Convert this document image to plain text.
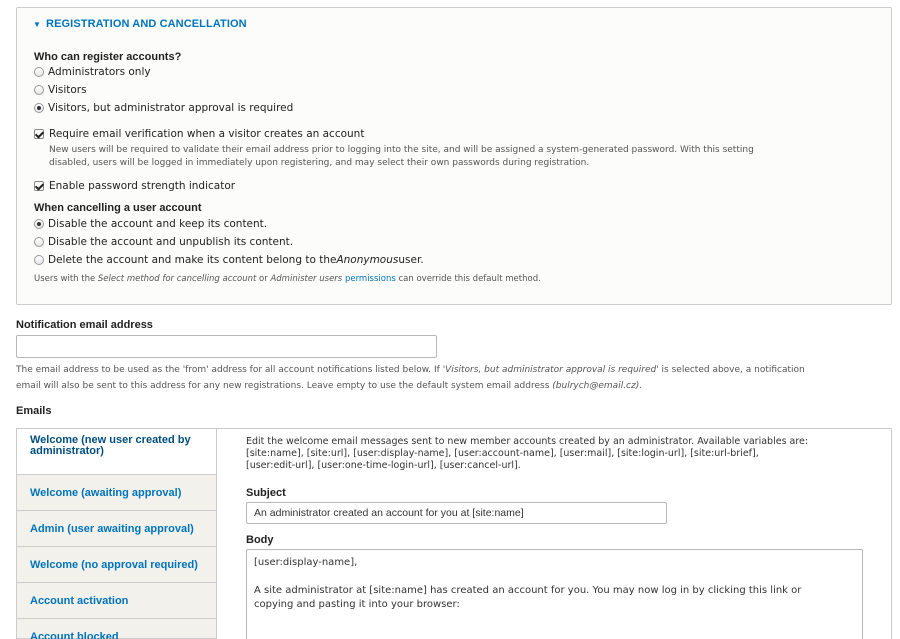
▼ REGISTRATION AND CANCELLATION
Who can register accounts?
Administrators only
Visitors
Visitors, but administrator approval is required
Require email verification when a visitor creates an account
New users will be required to validate their email address prior to logging into the site, and will be assigned a system-generated password. With this setting
disabled, users will be logged in immediately upon registering, and may select their own passwords during registration.
Enable password strength indicator
When cancelling a user account
Disable the account and keep its content.
Disable the account and unpublish its content.
Delete the account and make its content belong to the Anonymous user.
Users with the Select method for cancelling account or Administer users permissions can override this default method.
Notification email address
The email address to be used as the 'from' address for all account notifications listed below. If 'Visitors, but administrator approval is required' is selected above, a notification
email will also be sent to this address for any new registrations. Leave empty to use the default system email address (bulrych@email.cz).
Emails
Welcome (new user created by
administrator)
Welcome (awaiting approval)
Admin (user awaiting approval)
Welcome (no approval required)
Account activation
Account blocked
Edit the welcome email messages sent to new member accounts created by an administrator. Available variables are:
[site:name], [site:url], [user:display-name], [user:account-name], [user:mail], [site:login-url], [site:url-brief],
[user:edit-url], [user:one-time-login-url], [user:cancel-url].
Subject
An administrator created an account for you at [site:name]
Body
[user:display-name],
A site administrator at [site:name] has created an account for you. You may now log in by clicking this link or
copying and pasting it into your browser:
